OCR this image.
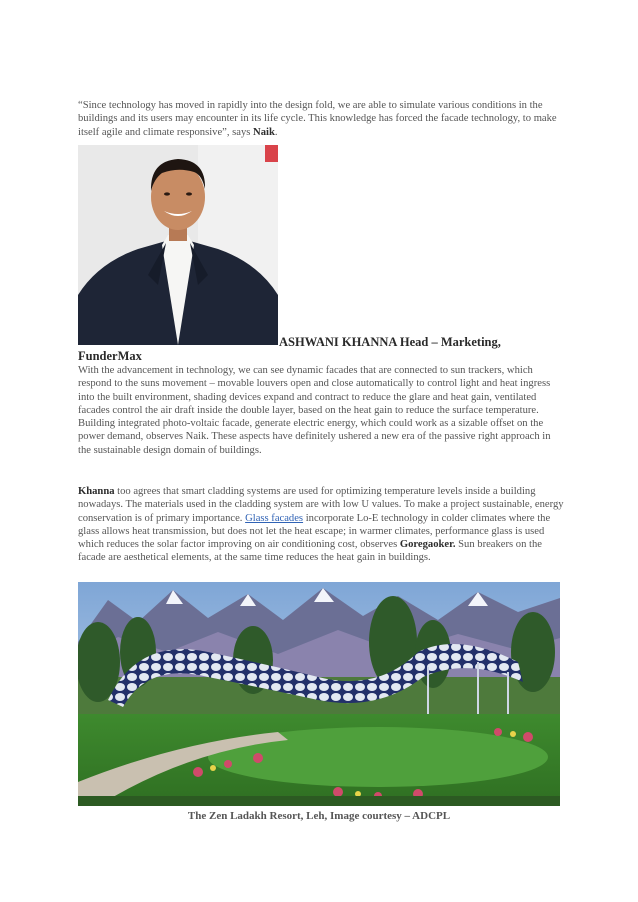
“Since technology has moved in rapidly into the design fold, we are able to simulate various conditions in the buildings and its users may encounter in its life cycle. This knowledge has forced the facade technology, to make itself agile and climate responsive”, says Naik.

ASHWANI KHANNA Head – Marketing,
FunderMax

With the advancement in technology, we can see dynamic facades that are connected to sun trackers, which respond to the suns movement – movable louvers open and close automatically to control light and heat ingress into the built environment, shading devices expand and contract to reduce the glare and heat gain, ventilated facades control the air draft inside the double layer, based on the heat gain to reduce the surface temperature. Building integrated photo-voltaic facade, generate electric energy, which could work as a sizable offset on the power demand, observes Naik. These aspects have definitely ushered a new era of the passive right approach in the sustainable design domain of buildings.

Khanna too agrees that smart cladding systems are used for optimizing temperature levels inside a building nowadays. The materials used in the cladding system are with low U values. To make a project sustainable, energy conservation is of primary importance. Glass facades incorporate Lo-E technology in colder climates where the glass allows heat transmission, but does not let the heat escape; in warmer climates, performance glass is used which reduces the solar factor improving on air conditioning cost, observes Goregaoker. Sun breakers on the facade are aesthetical elements, at the same time reduces the heat gain in buildings.

The Zen Ladakh Resort, Leh, Image courtesy – ADCPL
